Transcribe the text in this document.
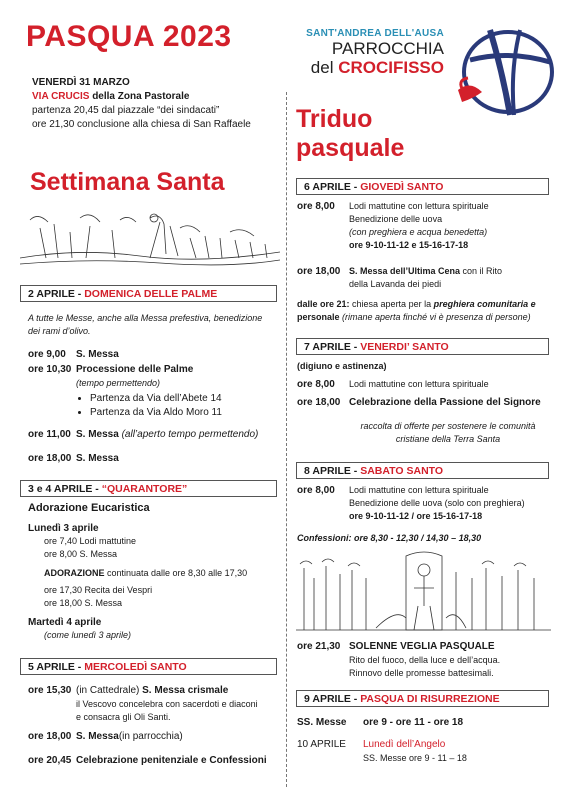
PASQUA 2023	SANT'ANDREA DELL'AUSA
PARROCCHIA
del CROCIFISSO
VENERDÌ 31 MARZO
VIA CRUCIS della Zona Pastorale
partenza 20,45 dal piazzale “dei sindacati”
ore 21,30 conclusione alla chiesa di San Raffaele
Settimana Santa
Triduo
pasquale
2 APRILE - DOMENICA DELLE PALME
A tutte le Messe, anche alla Messa prefestiva, benedizione
dei rami d’olivo.
ore 9,00	S. Messa
ore 10,30 Processione delle Palme
(tempo permettendo)
• Partenza da Via dell’Abete 14
• Partenza da Via Aldo Moro 11
ore 11,00 S. Messa
(all’aperto tempo permettendo)
ore 18,00 S. Messa
3 e 4 APRILE - “QUARANTORE”
Adorazione Eucaristica
Lunedì 3 aprile
ore 7,40 Lodi mattutine
ore 8,00 S. Messa
ADORAZIONE continuata dalle ore 8,30 alle 17,30
ore 17,30 Recita dei Vespri
ore 18,00 S. Messa
Martedì 4 aprile
(come lunedì 3 aprile)
5 APRILE - MERCOLEDÌ SANTO
ore 15,30 (in Cattedrale) S. Messa crismale
il Vescovo concelebra con sacerdoti e diaconi
e consacra gli Oli Santi.
ore 18,00 S. Messa (in parrocchia)
ore 20,45 Celebrazione penitenziale e Confessioni
6 APRILE - GIOVEDÌ SANTO
ore 8,00	Lodi mattutine con lettura spirituale
Benedizione delle uova
(con preghiera e acqua benedetta)
ore 9-10-11-12 e 15-16-17-18
ore 18,00 S. Messa dell’Ultima Cena con il Rito
della Lavanda dei piedi
dalle ore 21: chiesa aperta per la preghiera comunitaria e personale (rimane aperta finché vi è presenza di persone)
7 APRILE - VENERDI’ SANTO
(digiuno e astinenza)
ore 8,00	Lodi mattutine con lettura spirituale
ore 18,00 Celebrazione della Passione del Signore
raccolta di offerte per sostenere le comunità
cristiane della Terra Santa
8 APRILE - SABATO SANTO
ore 8,00	Lodi mattutine con lettura spirituale
Benedizione delle uova (solo con preghiera)
ore 9-10-11-12 / ore 15-16-17-18
Confessioni: ore 8,30 - 12,30 / 14,30 – 18,30
ore 21,30 SOLENNE VEGLIA PASQUALE
Rito del fuoco, della luce e dell’acqua.
Rinnovo delle promesse battesimali.
9 APRILE - PASQUA DI RISURREZIONE
SS. Messe	ore 9 - ore 11 - ore 18
10 APRILE	Lunedì dell’Angelo
SS. Messe ore 9 - 11 – 18
